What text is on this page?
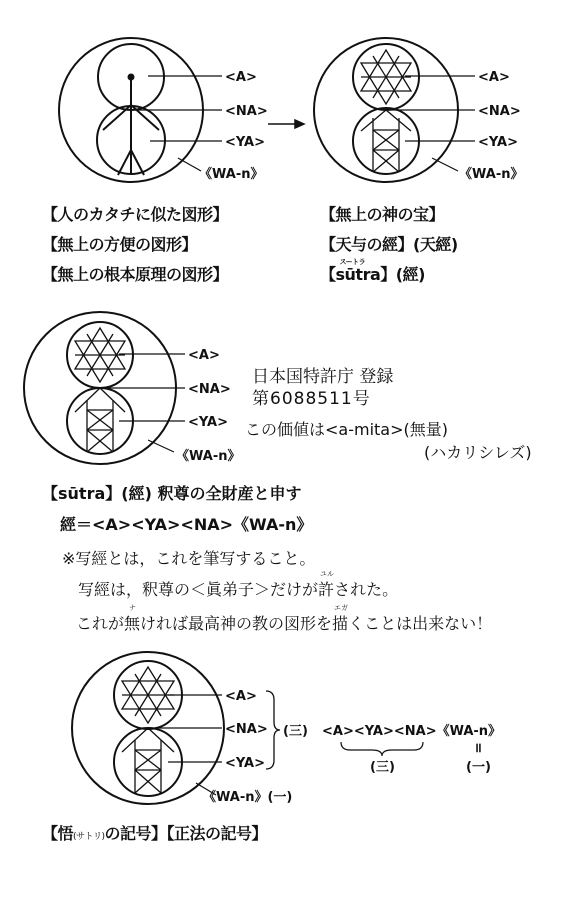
<A>
<NA>
<YA>
《WA-n》
<A>
<NA>
<YA>
《WA-n》
<A>
<NA>
<YA>
《WA-n》
<A>
<NA>
<YA>
《WA-n》(一)
(三) <A><YA><NA>《WA-n》
(三)
॥
(一)
【人のカタチに似た図形】
【無上の方便の図形】
【無上の根本原理の図形】
【無上の神の宝】
【天与の經】(天經)
【
スートラ
sūtra】(經)
日本国特許庁 登録
第6088511号
この価値は<a-mita>(無量)
(ハカリシレズ)
【sūtra】(經) 釈尊の全財産と申す
經＝<A><YA><NA>《WA-n》
※写經とは，これを筆写すること。
写經は，釈尊の＜眞弟子＞だけが
ユル
許された。
これが
ナ
無ければ最高神の教の図形を
エガ
描くことは出来ない！
【悟(サトリ)の記号】【正法の記号】
